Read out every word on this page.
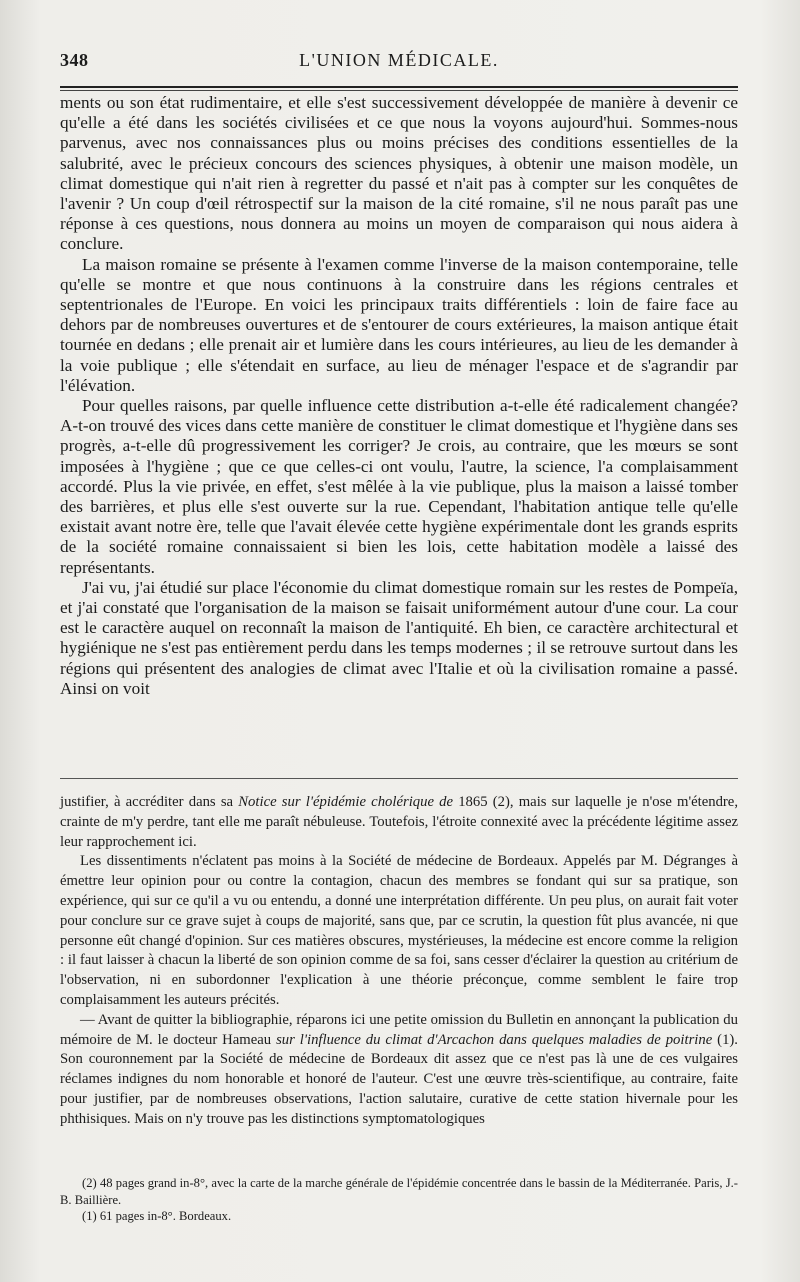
348	L'UNION MÉDICALE.

ments ou son état rudimentaire, et elle s'est successivement développée de manière à devenir ce qu'elle a été dans les sociétés civilisées et ce que nous la voyons aujourd'hui. Sommes-nous parvenus, avec nos connaissances plus ou moins précises des conditions essentielles de la salubrité, avec le précieux concours des sciences physiques, à obtenir une maison modèle, un climat domestique qui n'ait rien à regretter du passé et n'ait pas à compter sur les conquêtes de l'avenir ? Un coup d'œil rétrospectif sur la maison de la cité romaine, s'il ne nous paraît pas une réponse à ces questions, nous donnera au moins un moyen de comparaison qui nous aidera à conclure.

La maison romaine se présente à l'examen comme l'inverse de la maison contemporaine, telle qu'elle se montre et que nous continuons à la construire dans les régions centrales et septentrionales de l'Europe. En voici les principaux traits différentiels : loin de faire face au dehors par de nombreuses ouvertures et de s'entourer de cours extérieures, la maison antique était tournée en dedans ; elle prenait air et lumière dans les cours intérieures, au lieu de les demander à la voie publique ; elle s'étendait en surface, au lieu de ménager l'espace et de s'agrandir par l'élévation.

Pour quelles raisons, par quelle influence cette distribution a-t-elle été radicalement changée? A-t-on trouvé des vices dans cette manière de constituer le climat domestique et l'hygiène dans ses progrès, a-t-elle dû progressivement les corriger? Je crois, au contraire, que les mœurs se sont imposées à l'hygiène ; que ce que celles-ci ont voulu, l'autre, la science, l'a complaisamment accordé. Plus la vie privée, en effet, s'est mêlée à la vie publique, plus la maison a laissé tomber des barrières, et plus elle s'est ouverte sur la rue. Cependant, l'habitation antique telle qu'elle existait avant notre ère, telle que l'avait élevée cette hygiène expérimentale dont les grands esprits de la société romaine connaissaient si bien les lois, cette habitation modèle a laissé des représentants.

J'ai vu, j'ai étudié sur place l'économie du climat domestique romain sur les restes de Pompeïa, et j'ai constaté que l'organisation de la maison se faisait uniformément autour d'une cour. La cour est le caractère auquel on reconnaît la maison de l'antiquité. Eh bien, ce caractère architectural et hygiénique ne s'est pas entièrement perdu dans les temps modernes ; il se retrouve surtout dans les régions qui présentent des analogies de climat avec l'Italie et où la civilisation romaine a passé. Ainsi on voit

justifier, à accréditer dans sa Notice sur l'épidémie cholérique de 1865 (2), mais sur laquelle je n'ose m'étendre, crainte de m'y perdre, tant elle me paraît nébuleuse. Toutefois, l'étroite connexité avec la précédente légitime assez leur rapprochement ici.

Les dissentiments n'éclatent pas moins à la Société de médecine de Bordeaux. Appelés par M. Dégranges à émettre leur opinion pour ou contre la contagion, chacun des membres se fondant qui sur sa pratique, son expérience, qui sur ce qu'il a vu ou entendu, a donné une interprétation différente. Un peu plus, on aurait fait voter pour conclure sur ce grave sujet à coups de majorité, sans que, par ce scrutin, la question fût plus avancée, ni que personne eût changé d'opinion. Sur ces matières obscures, mystérieuses, la médecine est encore comme la religion : il faut laisser à chacun la liberté de son opinion comme de sa foi, sans cesser d'éclairer la question au critérium de l'observation, ni en subordonner l'explication à une théorie préconçue, comme semblent le faire trop complaisamment les auteurs précités.

— Avant de quitter la bibliographie, réparons ici une petite omission du Bulletin en annonçant la publication du mémoire de M. le docteur Hameau sur l'influence du climat d'Arcachon dans quelques maladies de poitrine (1). Son couronnement par la Société de médecine de Bordeaux dit assez que ce n'est pas là une de ces vulgaires réclames indignes du nom honorable et honoré de l'auteur. C'est une œuvre très-scientifique, au contraire, faite pour justifier, par de nombreuses observations, l'action salutaire, curative de cette station hivernale pour les phthisiques. Mais on n'y trouve pas les distinctions symptomatologiques

(2) 48 pages grand in-8°, avec la carte de la marche générale de l'épidémie concentrée dans le bassin de la Méditerranée. Paris, J.-B. Baillière.

(1) 61 pages in-8°. Bordeaux.
